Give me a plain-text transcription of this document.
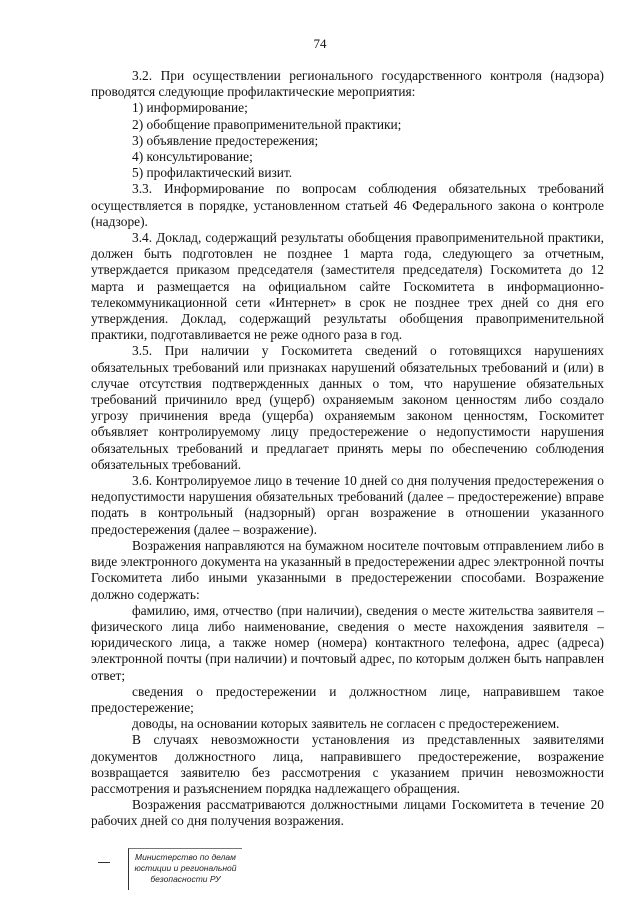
74

3.2. При осуществлении регионального государственного контроля (надзора) проводятся следующие профилактические мероприятия:

1) информирование;

2) обобщение правоприменительной практики;

3) объявление предостережения;

4) консультирование;

5) профилактический визит.

3.3. Информирование по вопросам соблюдения обязательных требований осуществляется в порядке, установленном статьей 46 Федерального закона о контроле (надзоре).

3.4. Доклад, содержащий результаты обобщения правоприменительной практики, должен быть подготовлен не позднее 1 марта года, следующего за отчетным, утверждается приказом председателя (заместителя председателя) Госкомитета до 12 марта и размещается на официальном сайте Госкомитета в информационно-телекоммуникационной сети «Интернет» в срок не позднее трех дней со дня его утверждения. Доклад, содержащий результаты обобщения правоприменительной практики, подготавливается не реже одного раза в год.

3.5. При наличии у Госкомитета сведений о готовящихся нарушениях обязательных требований или признаках нарушений обязательных требований и (или) в случае отсутствия подтвержденных данных о том, что нарушение обязательных требований причинило вред (ущерб) охраняемым законом ценностям либо создало угрозу причинения вреда (ущерба) охраняемым законом ценностям, Госкомитет объявляет контролируемому лицу предостережение о недопустимости нарушения обязательных требований и предлагает принять меры по обеспечению соблюдения обязательных требований.

3.6. Контролируемое лицо в течение 10 дней со дня получения предостережения о недопустимости нарушения обязательных требований (далее – предостережение) вправе подать в контрольный (надзорный) орган возражение в отношении указанного предостережения (далее – возражение).

Возражения направляются на бумажном носителе почтовым отправлением либо в виде электронного документа на указанный в предостережении адрес электронной почты Госкомитета либо иными указанными в предостережении способами. Возражение должно содержать:

фамилию, имя, отчество (при наличии), сведения о месте жительства заявителя – физического лица либо наименование, сведения о месте нахождения заявителя – юридического лица, а также номер (номера) контактного телефона, адрес (адреса) электронной почты (при наличии) и почтовый адрес, по которым должен быть направлен ответ;

сведения о предостережении и должностном лице, направившем такое предостережение;

доводы, на основании которых заявитель не согласен с предостережением.

В случаях невозможности установления из представленных заявителями документов должностного лица, направившего предостережение, возражение возвращается заявителю без рассмотрения с указанием причин невозможности рассмотрения и разъяснением порядка надлежащего обращения.

Возражения рассматриваются должностными лицами Госкомитета в течение 20 рабочих дней со дня получения возражения.

Министерство по делам
юстиции и региональной
безопасности РУ
